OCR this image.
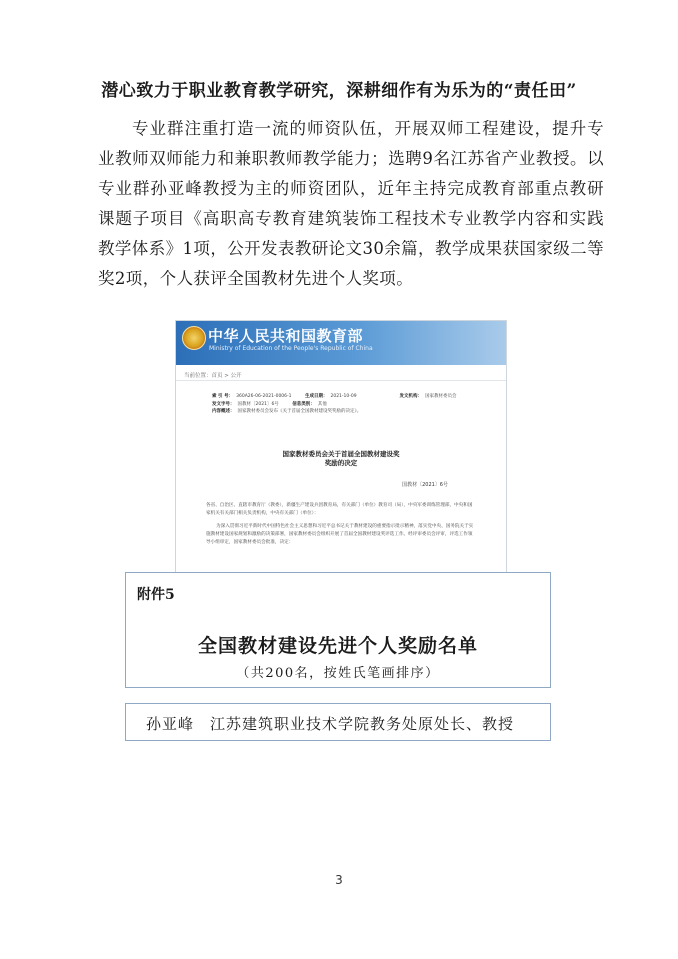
潜心致力于职业教育教学研究，深耕细作有为乐为的“责任田”

专业群注重打造一流的师资队伍，开展双师工程建设，提升专业教师双师能力和兼职教师教学能力；选聘9名江苏省产业教授。以专业群孙亚峰教授为主的师资团队，近年主持完成教育部重点教研课题子项目《高职高专教育建筑装饰工程技术专业教学内容和实践教学体系》1项，公开发表教研论文30余篇，教学成果获国家级二等奖2项，个人获评全国教材先进个人奖项。

中华人民共和国教育部
Ministry of Education of the People's Republic of China
当前位置：首页 > 公开
索 引 号： 360A26-06-2021-0006-1	生成日期： 2021-10-09	发文机构： 国家教材委员会
发文字号： 国教材〔2021〕6号	信息类别： 其他
内容概述： 国家教材委员会发布《关于首届全国教材建设奖奖励的决定》。
国家教材委员会关于首届全国教材建设奖
奖励的决定
国教材〔2021〕6号

各省、自治区、直辖市教育厅（教委），新疆生产建设兵团教育局，有关部门（单位）教育司（局），中央军委训练管理部，中央和国家机关有关部门相关负责机构，中央有关部门（单位）：

为深入贯彻习近平新时代中国特色社会主义思想和习近平总书记关于教材建设的重要指示批示精神，落实党中央、国务院关于实施教材建设国家规划和激励的决策部署，国家教材委员会组织开展了首届全国教材建设奖评选工作。经评审委员会评审，评选工作领导小组审定，国家教材委员会批准，决定：

附件5
全国教材建设先进个人奖励名单
（共200名，按姓氏笔画排序）
孙亚峰 江苏建筑职业技术学院教务处原处长、教授
3
